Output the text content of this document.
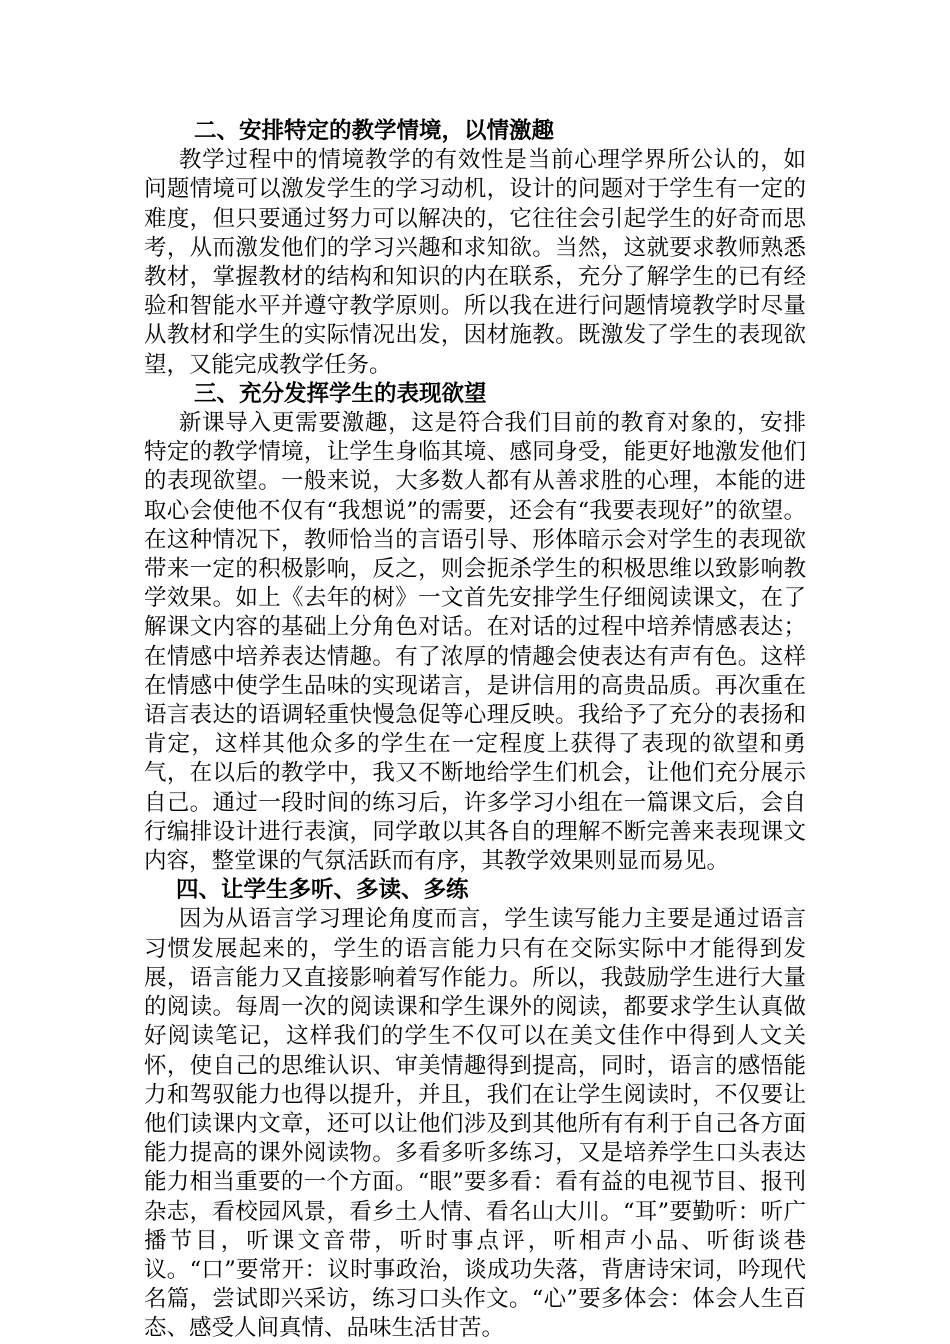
二、安排特定的教学情境，以情激趣

教学过程中的情境教学的有效性是当前心理学界所公认的，如问题情境可以激发学生的学习动机，设计的问题对于学生有一定的难度，但只要通过努力可以解决的，它往往会引起学生的好奇而思考，从而激发他们的学习兴趣和求知欲。当然，这就要求教师熟悉教材，掌握教材的结构和知识的内在联系，充分了解学生的已有经验和智能水平并遵守教学原则。所以我在进行问题情境教学时尽量从教材和学生的实际情况出发，因材施教。既激发了学生的表现欲望，又能完成教学任务。

三、充分发挥学生的表现欲望

新课导入更需要激趣，这是符合我们目前的教育对象的，安排特定的教学情境，让学生身临其境、感同身受，能更好地激发他们的表现欲望。一般来说，大多数人都有从善求胜的心理，本能的进取心会使他不仅有“我想说”的需要，还会有“我要表现好”的欲望。在这种情况下，教师恰当的言语引导、形体暗示会对学生的表现欲带来一定的积极影响，反之，则会扼杀学生的积极思维以致影响教学效果。如上《去年的树》一文首先安排学生仔细阅读课文，在了解课文内容的基础上分角色对话。在对话的过程中培养情感表达；在情感中培养表达情趣。有了浓厚的情趣会使表达有声有色。这样在情感中使学生品味的实现诺言，是讲信用的高贵品质。再次重在语言表达的语调轻重快慢急促等心理反映。我给予了充分的表扬和肯定，这样其他众多的学生在一定程度上获得了表现的欲望和勇气，在以后的教学中，我又不断地给学生们机会，让他们充分展示自己。通过一段时间的练习后，许多学习小组在一篇课文后，会自行编排设计进行表演，同学敢以其各自的理解不断完善来表现课文内容，整堂课的气氛活跃而有序，其教学效果则显而易见。

四、让学生多听、多读、多练

因为从语言学习理论角度而言，学生读写能力主要是通过语言习惯发展起来的，学生的语言能力只有在交际实际中才能得到发展，语言能力又直接影响着写作能力。所以，我鼓励学生进行大量的阅读。每周一次的阅读课和学生课外的阅读，都要求学生认真做好阅读笔记，这样我们的学生不仅可以在美文佳作中得到人文关怀，使自己的思维认识、审美情趣得到提高，同时，语言的感悟能力和驾驭能力也得以提升，并且，我们在让学生阅读时，不仅要让他们读课内文章，还可以让他们涉及到其他所有有利于自己各方面能力提高的课外阅读物。多看多听多练习，又是培养学生口头表达能力相当重要的一个方面。“眼”要多看：看有益的电视节目、报刊杂志，看校园风景，看乡土人情、看名山大川。“耳”要勤听：听广播节目，听课文音带，听时事点评，听相声小品、听街谈巷议。“口”要常开：议时事政治，谈成功失落，背唐诗宋词，吟现代名篇，尝试即兴采访，练习口头作文。“心”要多体会：体会人生百态、感受人间真情、品味生活甘苦。
